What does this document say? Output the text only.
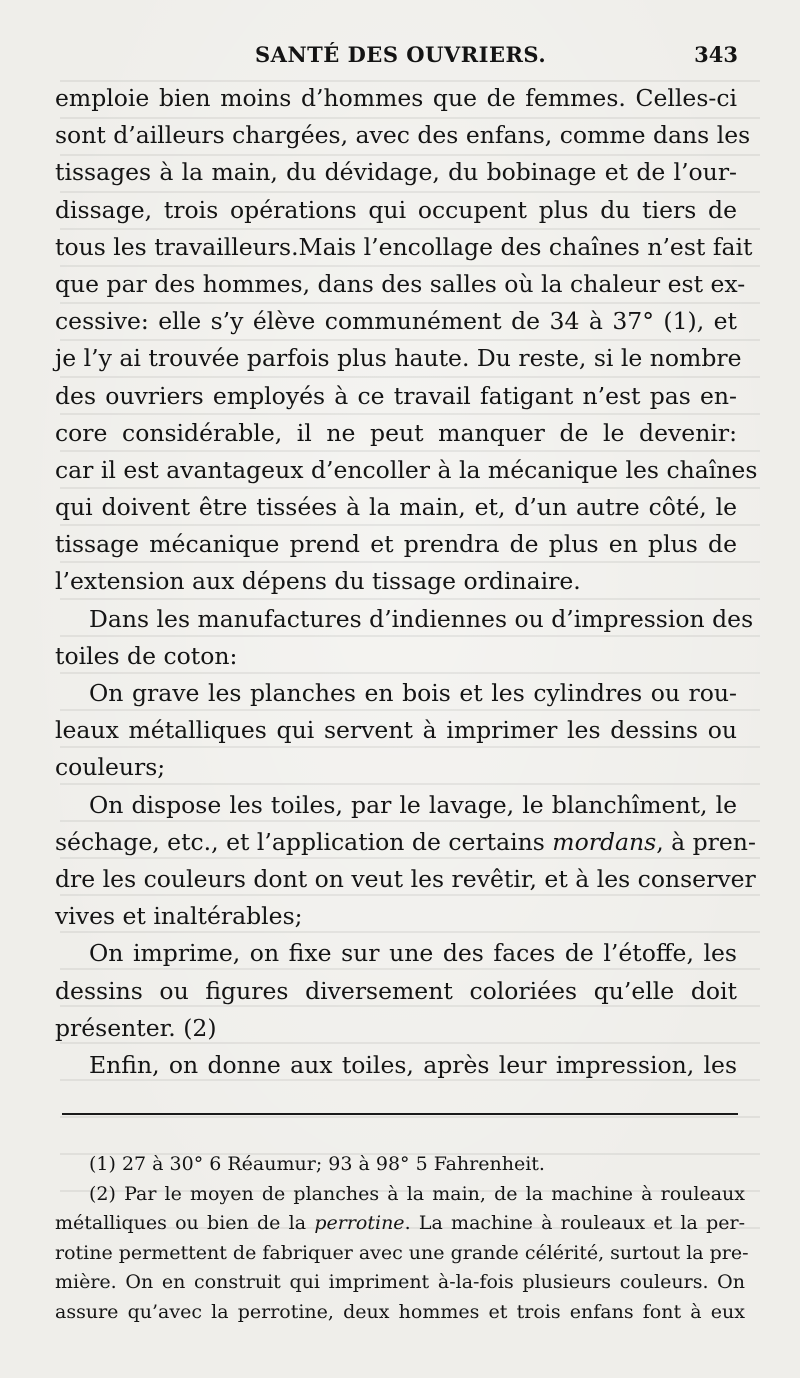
SANTÉ DES OUVRIERS.	343

emploie bien moins d’hommes que de femmes. Celles-ci

sont d’ailleurs chargées, avec des enfans, comme dans les

tissages à la main, du dévidage, du bobinage et de l’our-

dissage, trois opérations qui occupent plus du tiers de

tous les travailleurs.Mais l’encollage des chaînes n’est fait

que par des hommes, dans des salles où la chaleur est ex-

cessive: elle s’y élève communément de 34 à 37° (1), et

je l’y ai trouvée parfois plus haute. Du reste, si le nombre

des ouvriers employés à ce travail fatigant n’est pas en-

core considérable, il ne peut manquer de le devenir:

car il est avantageux d’encoller à la mécanique les chaînes

qui doivent être tissées à la main, et, d’un autre côté, le

tissage mécanique prend et prendra de plus en plus de

l’extension aux dépens du tissage ordinaire.

Dans les manufactures d’indiennes ou d’impression des

toiles de coton:

On grave les planches en bois et les cylindres ou rou-

leaux métalliques qui servent à imprimer les dessins ou

couleurs;

On dispose les toiles, par le lavage, le blanchîment, le

séchage, etc., et l’application de certains mordans, à pren-

dre les couleurs dont on veut les revêtir, et à les conserver

vives et inaltérables;

On imprime, on fixe sur une des faces de l’étoffe, les

dessins ou figures diversement coloriées qu’elle doit

présenter. (2)

Enfin, on donne aux toiles, après leur impression, les

(1) 27 à 30° 6 Réaumur; 93 à 98° 5 Fahrenheit.

(2) Par le moyen de planches à la main, de la machine à rouleaux

métalliques ou bien de la perrotine. La machine à rouleaux et la per-

rotine permettent de fabriquer avec une grande célérité, surtout la pre-

mière. On en construit qui impriment à-la-fois plusieurs couleurs. On

assure qu’avec la perrotine, deux hommes et trois enfans font à eux
